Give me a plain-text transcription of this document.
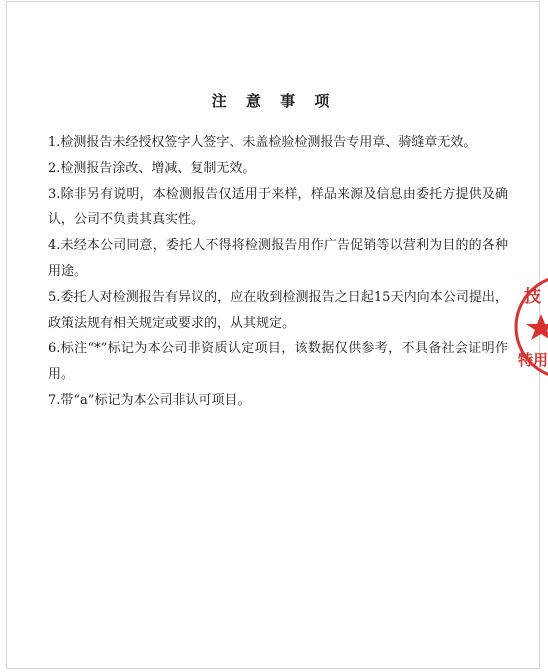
注 意 事 项
1.检测报告未经授权签字人签字、未盖检验检测报告专用章、骑缝章无效。
2.检测报告涂改、增减、复制无效。
3.除非另有说明，本检测报告仅适用于来样，样品来源及信息由委托方提供及确认，公司不负责其真实性。
4.未经本公司同意，委托人不得将检测报告用作广告促销等以营利为目的的各种用途。
5.委托人对检测报告有异议的，应在收到检测报告之日起15天内向本公司提出，政策法规有相关规定或要求的，从其规定。
6.标注“*”标记为本公司非资质认定项目，该数据仅供参考，不具备社会证明作用。
7.带“a”标记为本公司非认可项目。
技
特用
